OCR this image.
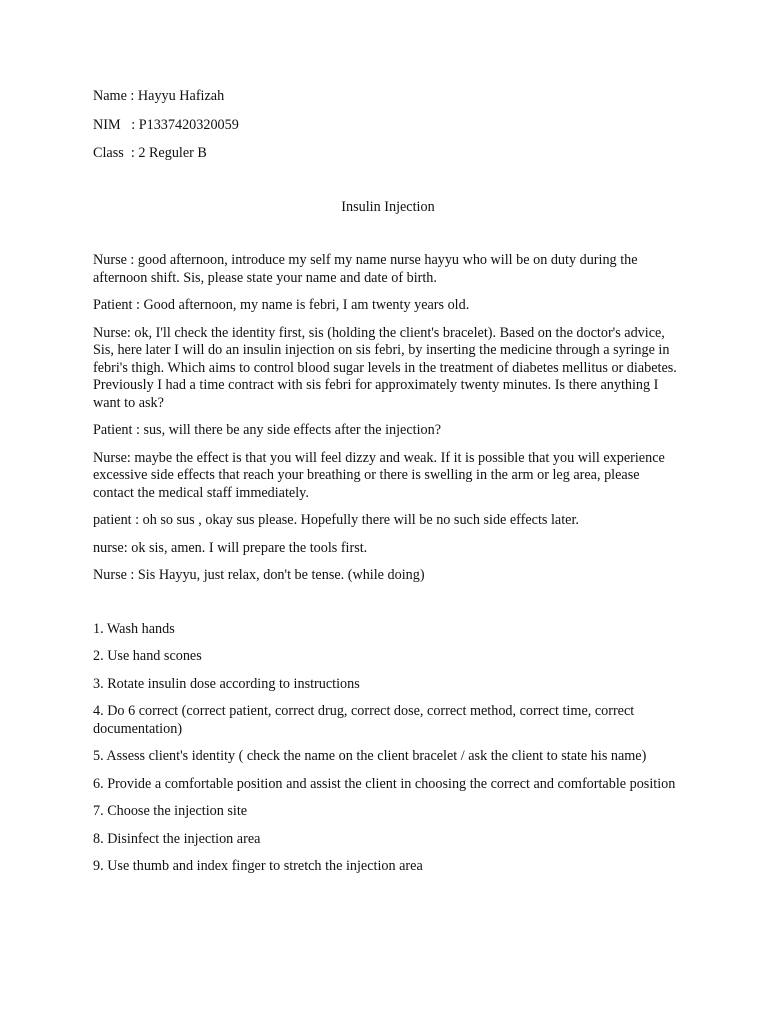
Name : Hayyu Hafizah

NIM   : P1337420320059

Class  : 2 Reguler B

Insulin Injection

Nurse : good afternoon, introduce my self my name nurse hayyu who will be on duty during the afternoon shift. Sis, please state your name and date of birth.

Patient : Good afternoon, my name is febri, I am twenty years old.

Nurse: ok, I'll check the identity first, sis (holding the client's bracelet). Based on the doctor's advice, Sis, here later I will do an insulin injection on sis febri, by inserting the medicine through a syringe in febri's thigh. Which aims to control blood sugar levels in the treatment of diabetes mellitus or diabetes. Previously I had a time contract with sis febri for approximately twenty minutes. Is there anything I want to ask?

Patient : sus, will there be any side effects after the injection?

Nurse: maybe the effect is that you will feel dizzy and weak. If it is possible that you will experience excessive side effects that reach your breathing or there is swelling in the arm or leg area, please contact the medical staff immediately.

patient : oh so sus , okay sus please. Hopefully there will be no such side effects later.

nurse: ok sis, amen. I will prepare the tools first.

Nurse : Sis Hayyu, just relax, don't be tense. (while doing)

1. Wash hands

2. Use hand scones

3. Rotate insulin dose according to instructions

4. Do 6 correct (correct patient, correct drug, correct dose, correct method, correct time, correct documentation)

5. Assess client's identity ( check the name on the client bracelet / ask the client to state his name)

6. Provide a comfortable position and assist the client in choosing the correct and comfortable position

7. Choose the injection site

8. Disinfect the injection area

9. Use thumb and index finger to stretch the injection area
